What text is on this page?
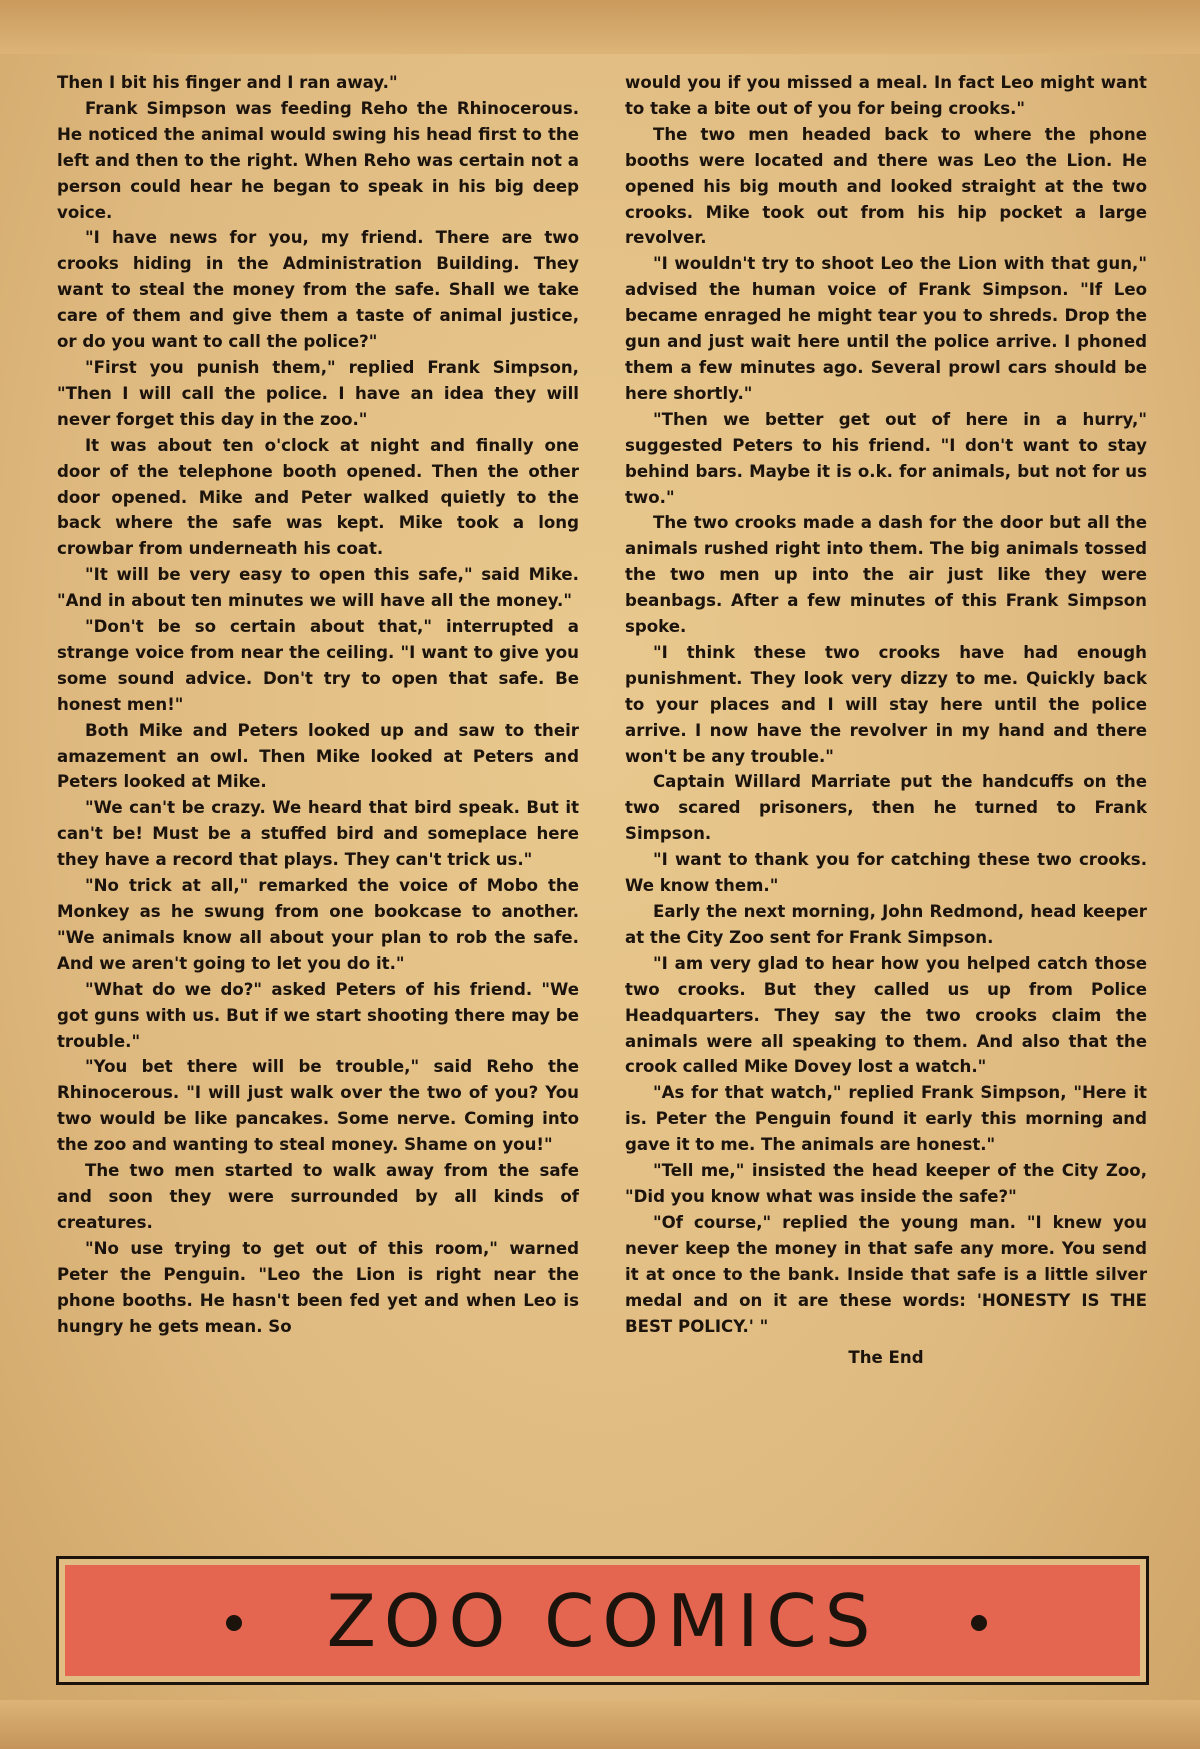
Then I bit his finger and I ran away."

Frank Simpson was feeding Reho the Rhinocerous. He noticed the animal would swing his head first to the left and then to the right. When Reho was certain not a person could hear he began to speak in his big deep voice.

"I have news for you, my friend. There are two crooks hiding in the Administration Building. They want to steal the money from the safe. Shall we take care of them and give them a taste of animal justice, or do you want to call the police?"

"First you punish them," replied Frank Simpson, "Then I will call the police. I have an idea they will never forget this day in the zoo."

It was about ten o'clock at night and finally one door of the telephone booth opened. Then the other door opened. Mike and Peter walked quietly to the back where the safe was kept. Mike took a long crowbar from underneath his coat.

"It will be very easy to open this safe," said Mike. "And in about ten minutes we will have all the money."

"Don't be so certain about that," interrupted a strange voice from near the ceiling. "I want to give you some sound advice. Don't try to open that safe. Be honest men!"

Both Mike and Peters looked up and saw to their amazement an owl. Then Mike looked at Peters and Peters looked at Mike.

"We can't be crazy. We heard that bird speak. But it can't be! Must be a stuffed bird and someplace here they have a record that plays. They can't trick us."

"No trick at all," remarked the voice of Mobo the Monkey as he swung from one bookcase to another. "We animals know all about your plan to rob the safe. And we aren't going to let you do it."

"What do we do?" asked Peters of his friend. "We got guns with us. But if we start shooting there may be trouble."

"You bet there will be trouble," said Reho the Rhinocerous. "I will just walk over the two of you? You two would be like pancakes. Some nerve. Coming into the zoo and wanting to steal money. Shame on you!"

The two men started to walk away from the safe and soon they were surrounded by all kinds of creatures.

"No use trying to get out of this room," warned Peter the Penguin. "Leo the Lion is right near the phone booths. He hasn't been fed yet and when Leo is hungry he gets mean. So

would you if you missed a meal. In fact Leo might want to take a bite out of you for being crooks."

The two men headed back to where the phone booths were located and there was Leo the Lion. He opened his big mouth and looked straight at the two crooks. Mike took out from his hip pocket a large revolver.

"I wouldn't try to shoot Leo the Lion with that gun," advised the human voice of Frank Simpson. "If Leo became enraged he might tear you to shreds. Drop the gun and just wait here until the police arrive. I phoned them a few minutes ago. Several prowl cars should be here shortly."

"Then we better get out of here in a hurry," suggested Peters to his friend. "I don't want to stay behind bars. Maybe it is o.k. for animals, but not for us two."

The two crooks made a dash for the door but all the animals rushed right into them. The big animals tossed the two men up into the air just like they were beanbags. After a few minutes of this Frank Simpson spoke.

"I think these two crooks have had enough punishment. They look very dizzy to me. Quickly back to your places and I will stay here until the police arrive. I now have the revolver in my hand and there won't be any trouble."

Captain Willard Marriate put the handcuffs on the two scared prisoners, then he turned to Frank Simpson.

"I want to thank you for catching these two crooks. We know them."

Early the next morning, John Redmond, head keeper at the City Zoo sent for Frank Simpson.

"I am very glad to hear how you helped catch those two crooks. But they called us up from Police Headquarters. They say the two crooks claim the animals were all speaking to them. And also that the crook called Mike Dovey lost a watch."

"As for that watch," replied Frank Simpson, "Here it is. Peter the Penguin found it early this morning and gave it to me. The animals are honest."

"Tell me," insisted the head keeper of the City Zoo, "Did you know what was inside the safe?"

"Of course," replied the young man. "I knew you never keep the money in that safe any more. You send it at once to the bank. Inside that safe is a little silver medal and on it are these words: 'HONESTY IS THE BEST POLICY.' "

The End

ZOO COMICS
